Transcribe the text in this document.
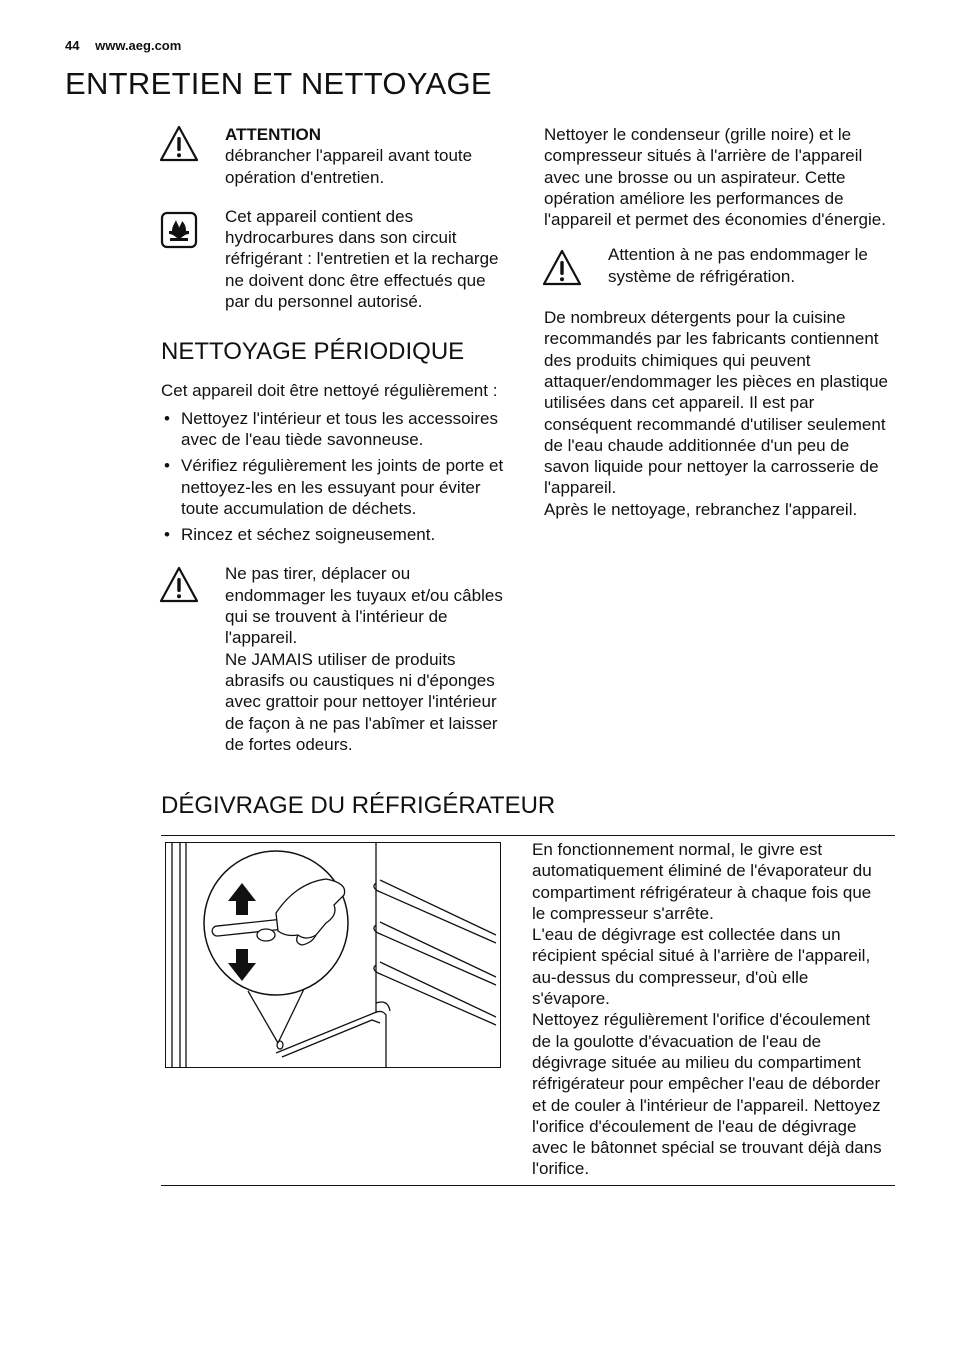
44 www.aeg.com
ENTRETIEN ET NETTOYAGE
ATTENTION
débrancher l'appareil avant toute opération d'entretien.
Cet appareil contient des hydrocarbures dans son circuit réfrigérant : l'entretien et la recharge ne doivent donc être effectués que par du personnel autorisé.
NETTOYAGE PÉRIODIQUE

Cet appareil doit être nettoyé régulièrement :

• Nettoyez l'intérieur et tous les accessoires avec de l'eau tiède savonneuse.
• Vérifiez régulièrement les joints de porte et nettoyez-les en les essuyant pour éviter toute accumulation de déchets.
• Rincez et séchez soigneusement.
Ne pas tirer, déplacer ou endommager les tuyaux et/ou câbles qui se trouvent à l'intérieur de l'appareil.
Ne JAMAIS utiliser de produits abrasifs ou caustiques ni d'éponges avec grattoir pour nettoyer l'intérieur de façon à ne pas l'abîmer et laisser de fortes odeurs.

Nettoyer le condenseur (grille noire) et le compresseur situés à l'arrière de l'appareil avec une brosse ou un aspirateur. Cette opération améliore les performances de l'appareil et permet des économies d'énergie.

Attention à ne pas endommager le système de réfrigération.

De nombreux détergents pour la cuisine recommandés par les fabricants contiennent des produits chimiques qui peuvent attaquer/endommager les pièces en plastique utilisées dans cet appareil. Il est par conséquent recommandé d'utiliser seulement de l'eau chaude additionnée d'un peu de savon liquide pour nettoyer la carrosserie de l'appareil.

Après le nettoyage, rebranchez l'appareil.

DÉGIVRAGE DU RÉFRIGÉRATEUR

En fonctionnement normal, le givre est automatiquement éliminé de l'évaporateur du compartiment réfrigérateur à chaque fois que le compresseur s'arrête.

L'eau de dégivrage est collectée dans un récipient spécial situé à l'arrière de l'appareil, au-dessus du compresseur, d'où elle s'évapore.

Nettoyez régulièrement l'orifice d'écoulement de la goulotte d'évacuation de l'eau de dégivrage située au milieu du compartiment réfrigérateur pour empêcher l'eau de déborder et de couler à l'intérieur de l'appareil. Nettoyez l'orifice d'écoulement de l'eau de dégivrage avec le bâtonnet spécial se trouvant déjà dans l'orifice.
